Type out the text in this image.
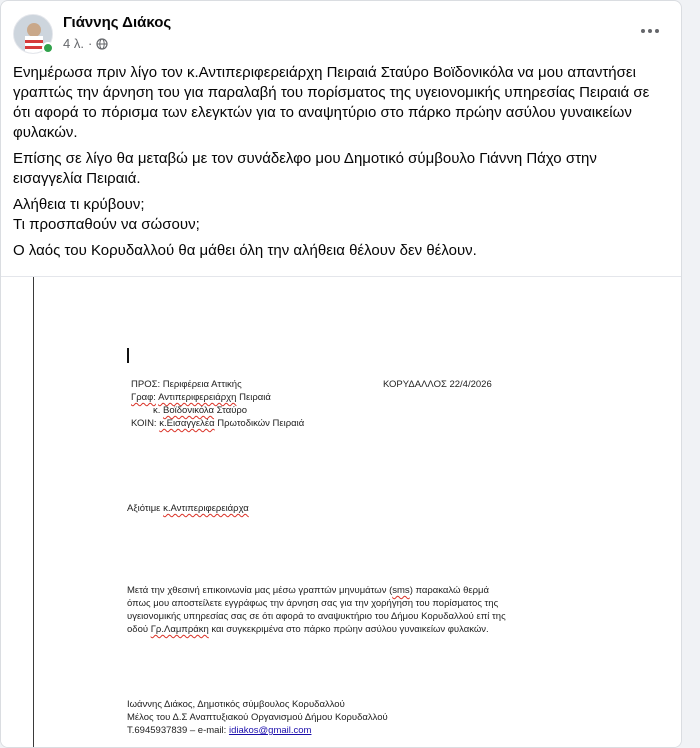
Γιάννης Διάκος
4 λ. ·

Ενημέρωσα πριν λίγο τον κ.Αντιπεριφερειάρχη Πειραιά Σταύρο Βοϊδονικόλα να μου απαντήσει γραπτώς την άρνηση του για παραλαβή του πορίσματος της υγειονομικής υπηρεσίας Πειραιά σε ότι αφορά το πόρισμα των ελεγκτών για το αναψητύριο στο πάρκο πρώην ασύλου γυναικείων φυλακών.

Επίσης σε λίγο θα μεταβώ με τον συνάδελφο μου Δημοτικό σύμβουλο Γιάννη Πάχο στην εισαγγελία Πειραιά.

Αλήθεια τι κρύβουν;
Τι προσπαθούν να σώσουν;

Ο λαός του Κορυδαλλού θα μάθει όλη την αλήθεια θέλουν δεν θέλουν.

ΠΡΟΣ: Περιφέρεια Αττικής	ΚΟΡΥΔΑΛΛΟΣ 22/4/2026
Γραφ: Αντιπεριφερειάρχη Πειραιά
κ. Βοϊδονικόλα Σταύρο
ΚΟΙΝ: κ.Εισαγγελέα Πρωτοδικών Πειραιά
Αξιότιμε κ.Αντιπεριφερειάρχα
Μετά την χθεσινή επικοινωνία μας μέσω γραπτών μηνυμάτων (sms) παρακαλώ θερμά
όπως μου αποστείλετε εγγράφως την άρνηση σας για την χορήγηση του πορίσματος της
υγειονομικής υπηρεσίας σας σε ότι αφορά το αναψυκτήριο του Δήμου Κορυδαλλού επί της
οδού Γρ.Λαμπράκη και συγκεκριμένα στο πάρκο πρώην ασύλου γυναικείων φυλακών.
Ιωάννης Διάκος, Δημοτικός σύμβουλος Κορυδαλλού
Μέλος του Δ.Σ Αναπτυξιακού Οργανισμού Δήμου Κορυδαλλού
Τ.6945937839 – e-mail: idiakos@gmail.com
